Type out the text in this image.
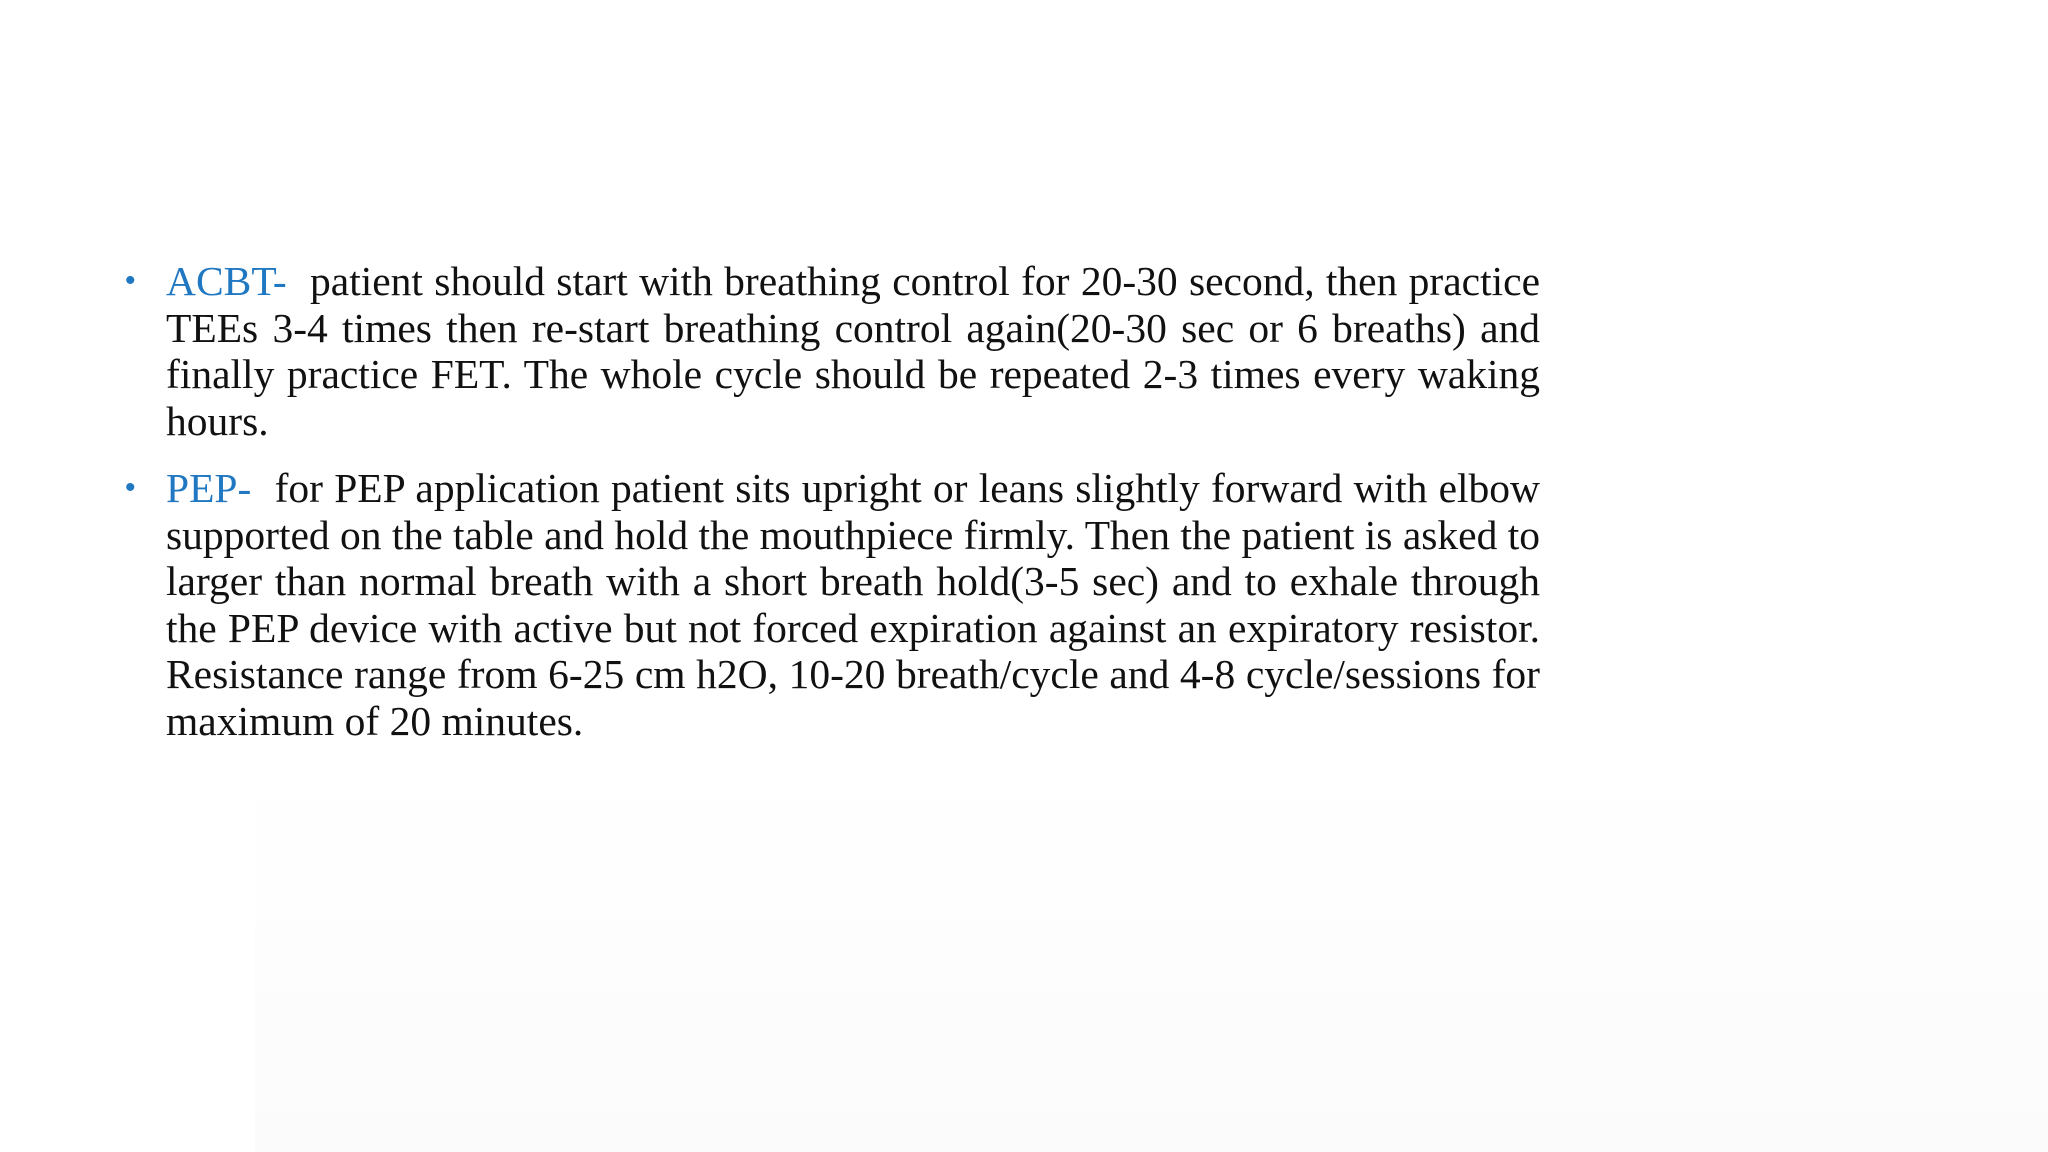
• ACBT- patient should start with breathing control for 20-30 second, then practice TEEs 3-4 times then re-start breathing control again(20-30 sec or 6 breaths) and finally practice FET. The whole cycle should be repeated 2-3 times every waking hours.
• PEP- for PEP application patient sits upright or leans slightly forward with elbow supported on the table and hold the mouthpiece firmly. Then the patient is asked to larger than normal breath with a short breath hold(3-5 sec) and to exhale through the PEP device with active but not forced expiration against an expiratory resistor. Resistance range from 6-25 cm h2O, 10-20 breath/cycle and 4-8 cycle/sessions for maximum of 20 minutes.
